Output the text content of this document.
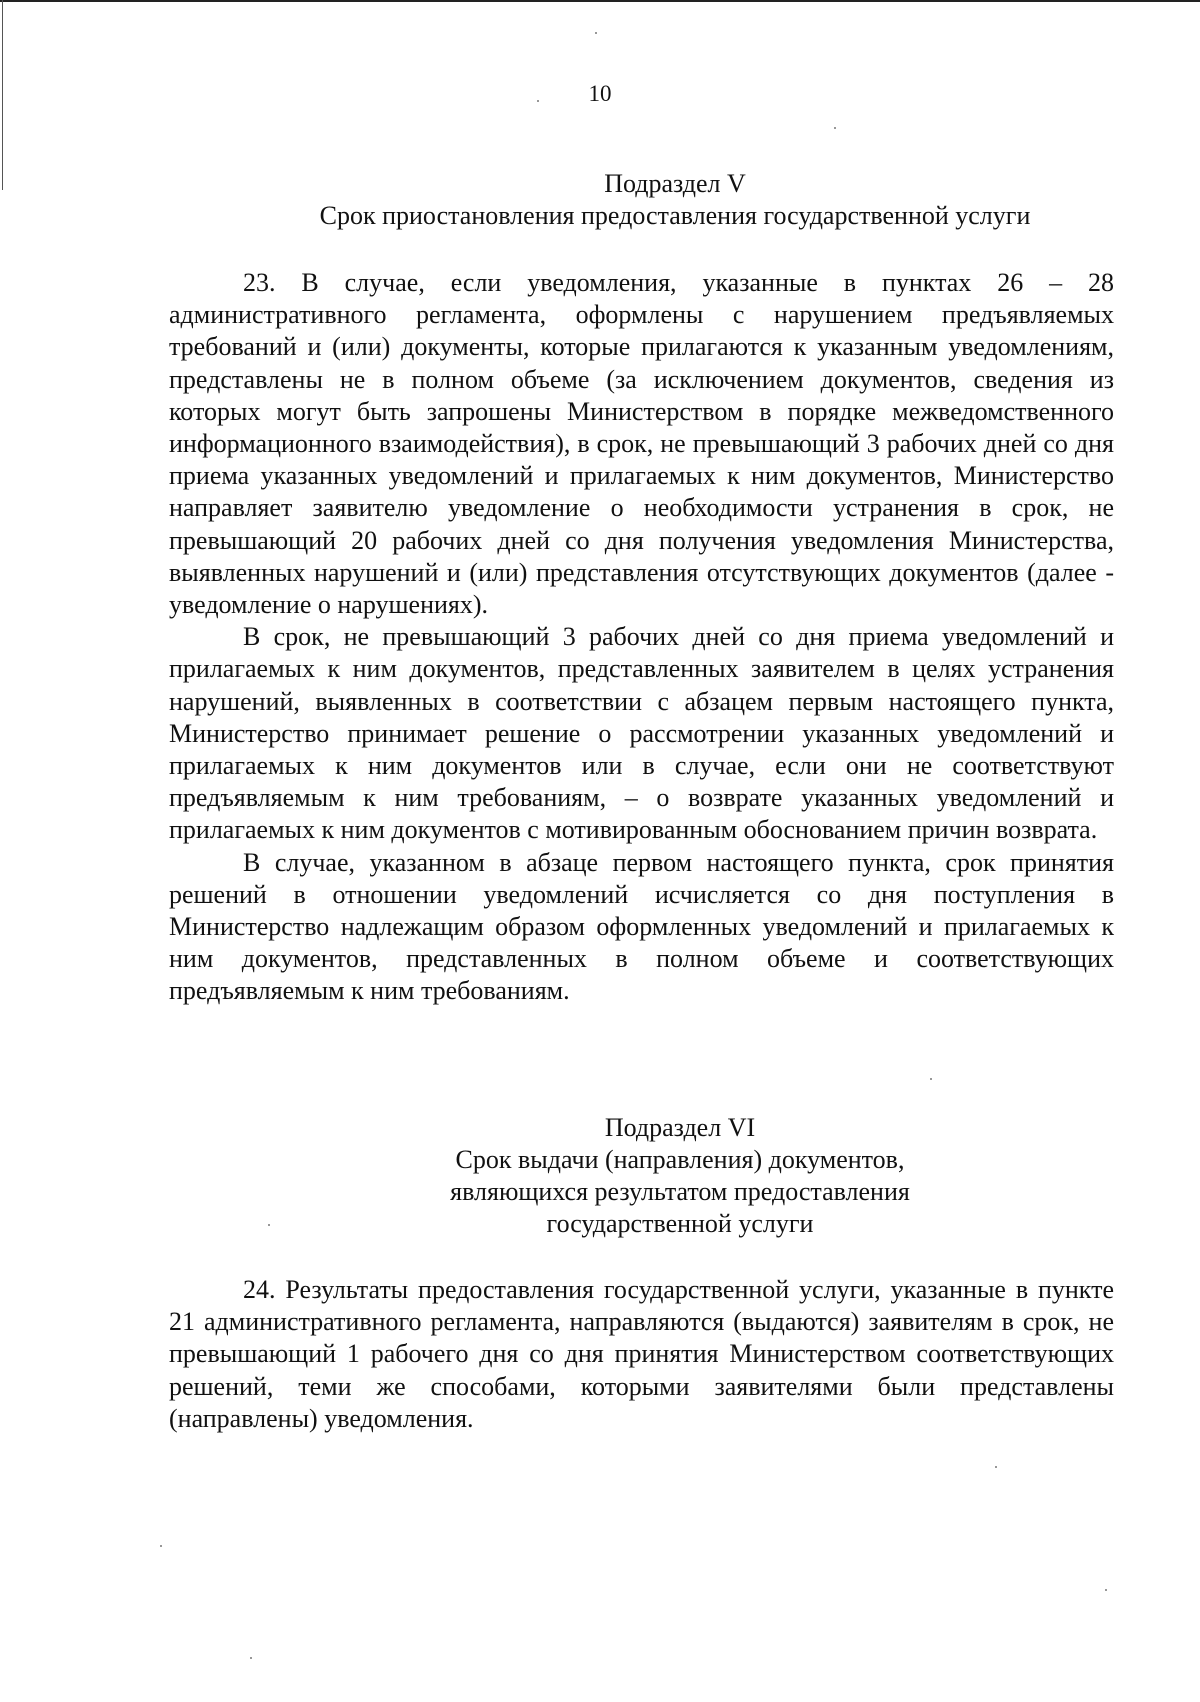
10
Подраздел V
Срок приостановления предоставления государственной услуги

23. В случае, если уведомления, указанные в пунктах 26 – 28 административного регламента, оформлены с нарушением предъявляемых требований и (или) документы, которые прилагаются к указанным уведомлениям, представлены не в полном объеме (за исключением документов, сведения из которых могут быть запрошены Министерством в порядке межведомственного информационного взаимодействия), в срок, не превышающий 3 рабочих дней со дня приема указанных уведомлений и прилагаемых к ним документов, Министерство направляет заявителю уведомление о необходимости устранения в срок, не превышающий 20 рабочих дней со дня получения уведомления Министерства, выявленных нарушений и (или) представления отсутствующих документов (далее - уведомление о нарушениях).

В срок, не превышающий 3 рабочих дней со дня приема уведомлений и прилагаемых к ним документов, представленных заявителем в целях устранения нарушений, выявленных в соответствии с абзацем первым настоящего пункта, Министерство принимает решение о рассмотрении указанных уведомлений и прилагаемых к ним документов или в случае, если они не соответствуют предъявляемым к ним требованиям, – о возврате указанных уведомлений и прилагаемых к ним документов с мотивированным обоснованием причин возврата.

В случае, указанном в абзаце первом настоящего пункта, срок принятия решений в отношении уведомлений исчисляется со дня поступления в Министерство надлежащим образом оформленных уведомлений и прилагаемых к ним документов, представленных в полном объеме и соответствующих предъявляемым к ним требованиям.

Подраздел VI
Срок выдачи (направления) документов,
являющихся результатом предоставления
государственной услуги

24. Результаты предоставления государственной услуги, указанные в пункте 21 административного регламента, направляются (выдаются) заявителям в срок, не превышающий 1 рабочего дня со дня принятия Министерством соответствующих решений, теми же способами, которыми заявителями были представлены (направлены) уведомления.
